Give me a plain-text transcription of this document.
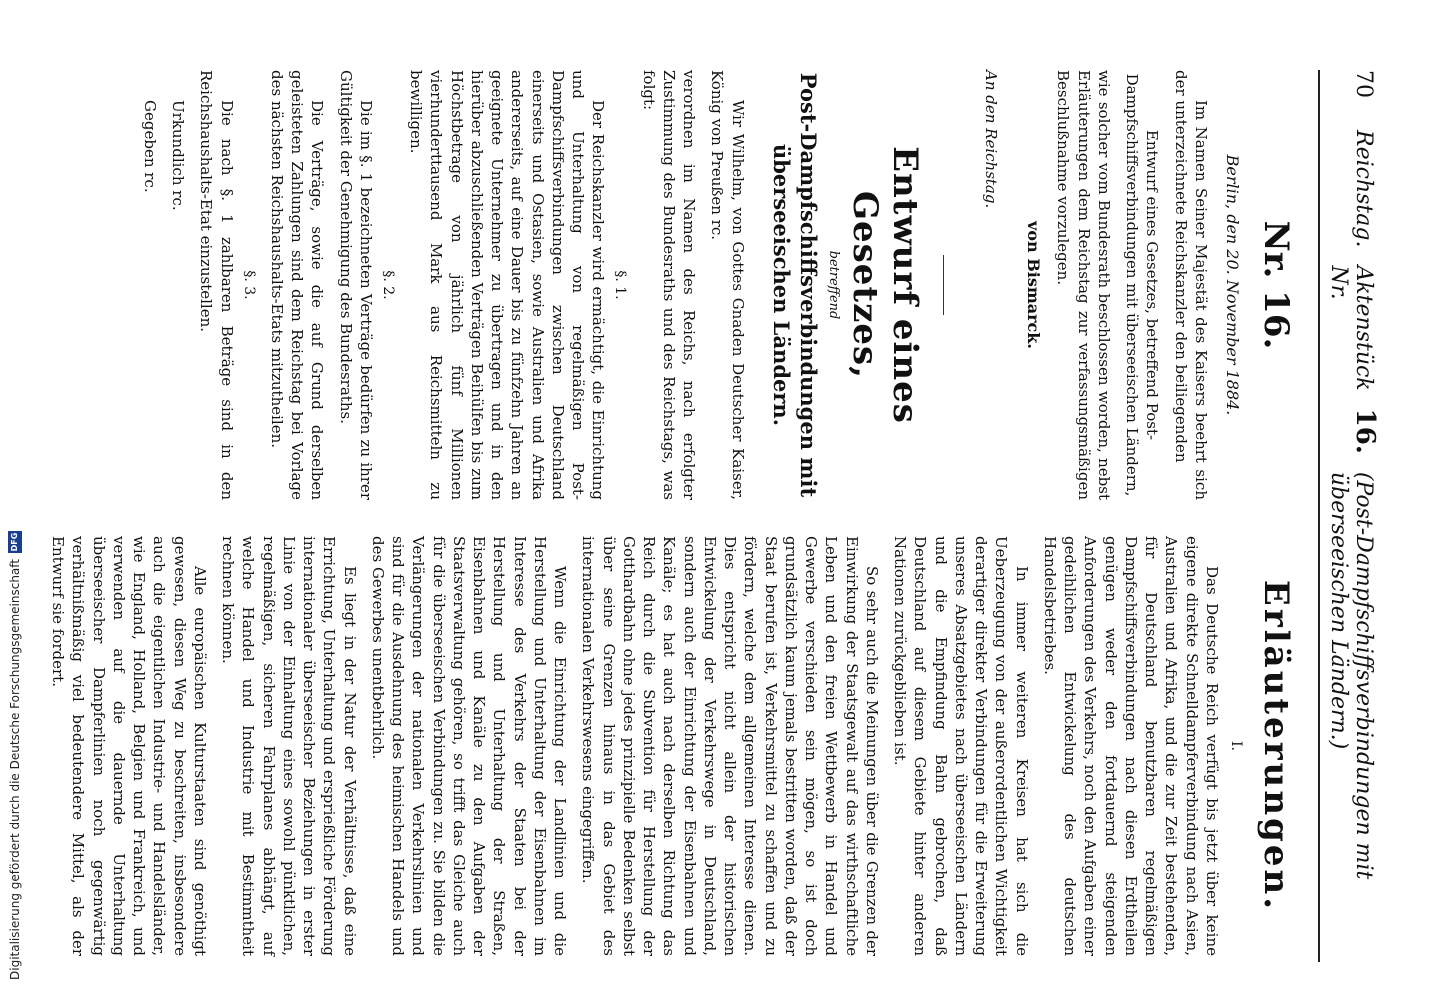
70
Reichstag.
Aktenstück Nr.
16.
(Post-Dampfschiffsverbindungen mit überseeischen Ländern.)
Nr. 16.
Berlin, den 20. November 1884.

Im Namen Seiner Majestät des Kaisers beehrt sich der unterzeichnete Reichskanzler den beiliegenden

Entwurf eines Gesetzes, betreffend Post-Dampfschiffsverbindungen mit überseeischen Ländern,

wie solcher vom Bundesrath beschlossen worden, nebst Erläuterungen dem Reichstag zur verfassungsmäßigen Beschlußnahme vorzulegen.

von Bismarck.
An den Reichstag.
Entwurf eines Gesetzes,
betreffend
Post-Dampfschiffsverbindungen mit überseeischen Ländern.

Wir Wilhelm, von Gottes Gnaden Deutscher Kaiser, König von Preußen rc.

verordnen im Namen des Reichs, nach erfolgter Zustimmung des Bundesraths und des Reichstags, was folgt:

§. 1.

Der Reichskanzler wird ermächtigt, die Einrichtung und Unterhaltung von regelmäßigen Post-Dampfschiffsverbindungen zwischen Deutschland einerseits und Ostasien, sowie Australien und Afrika andererseits, auf eine Dauer bis zu fünfzehn Jahren an geeignete Unternehmer zu übertragen und in den hierüber abzuschließenden Verträgen Beihülfen bis zum Höchstbetrage von jährlich fünf Millionen vierhunderttausend Mark aus Reichsmitteln zu bewilligen.

§. 2.

Die im §. 1 bezeichneten Verträge bedürfen zu ihrer Gültigkeit der Genehmigung des Bundesraths.

Die Verträge, sowie die auf Grund derselben geleisteten Zahlungen sind dem Reichstag bei Vorlage des nächsten Reichshaushalts-Etats mitzutheilen.

§. 3.

Die nach §. 1 zahlbaren Beträge sind in den Reichshaushalts-Etat einzustellen.

Urkundlich rc.

Gegeben rc.

Erläuterungen.
I.

Das Deutsche Reich verfügt bis jetzt über keine eigene direkte Schnelldampferverbindung nach Asien, Australien und Afrika, und die zur Zeit bestehenden, für Deutschland benutzbaren regelmäßigen Dampfschiffsverbindungen nach diesen Erdtheilen genügen weder den fortdauernd steigenden Anforderungen des Verkehrs, noch den Aufgaben einer gedeihlichen Entwickelung des deutschen Handelsbetriebes.

In immer weiteren Kreisen hat sich die Ueberzeugung von der außerordentlichen Wichtigkeit derartiger direkter Verbindungen für die Erweiterung unseres Absatzgebietes nach überseeischen Ländern und die Empfindung Bahn gebrochen, daß Deutschland auf diesem Gebiete hinter anderen Nationen zurückgeblieben ist.

So sehr auch die Meinungen über die Grenzen der Einwirkung der Staatsgewalt auf das wirthschaftliche Leben und den freien Wettbewerb in Handel und Gewerbe verschieden sein mögen, so ist doch grundsätzlich kaum jemals bestritten worden, daß der Staat berufen ist, Verkehrsmittel zu schaffen und zu fördern, welche dem allgemeinen Interesse dienen. Dies entspricht nicht allein der historischen Entwickelung der Verkehrswege in Deutschland, sondern auch der Einrichtung der Eisenbahnen und Kanäle; es hat auch nach derselben Richtung das Reich durch die Subvention für Herstellung der Gotthardbahn ohne jedes prinzipielle Bedenken selbst über seine Grenzen hinaus in das Gebiet des internationalen Verkehrswesens eingegriffen.

Wenn die Einrichtung der Landlinien und die Herstellung und Unterhaltung der Eisenbahnen im Interesse des Verkehrs der Staaten bei der Herstellung und Unterhaltung der Straßen, Eisenbahnen und Kanäle zu den Aufgaben der Staatsverwaltung gehören, so trifft das Gleiche auch für die überseeischen Verbindungen zu. Sie bilden die Verlängerungen der nationalen Verkehrslinien und sind für die Ausdehnung des heimischen Handels und des Gewerbes unentbehrlich.

Es liegt in der Natur der Verhältnisse, daß eine Errichtung, Unterhaltung und ersprießliche Förderung internationaler überseeischer Beziehungen in erster Linie von der Einhaltung eines sowohl pünktlichen, regelmäßigen, sicheren Fahrplanes abhängt, auf welche Handel und Industrie mit Bestimmtheit rechnen können.

Alle europäischen Kulturstaaten sind genöthigt gewesen, diesen Weg zu beschreiten, insbesondere auch die eigentlichen Industrie- und Handelsländer, wie England, Holland, Belgien und Frankreich, und verwenden auf die dauernde Unterhaltung überseeischer Dampferlinien noch gegenwärtig verhältnißmäßig viel bedeutendere Mittel, als der Entwurf sie fordert.

Digitalisierung gefördert durch die Deutsche Forschungsgemeinschaft
DFG
